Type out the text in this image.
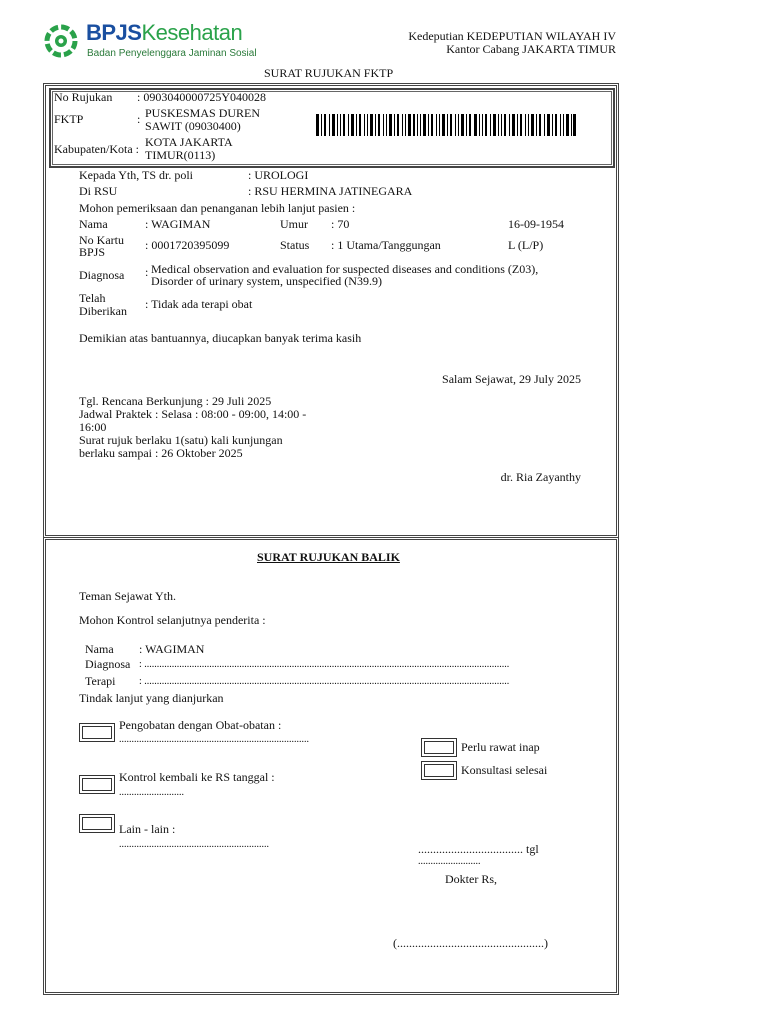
BPJSKesehatan
Badan Penyelenggara Jaminan Sosial
Kedeputian KEDEPUTIAN WILAYAH IV
Kantor Cabang JAKARTA TIMUR
SURAT RUJUKAN FKTP
No Rujukan : 0903040000725Y040028
FKTP	: PUSKESMAS DUREN
SAWIT (09030400)
Kabupaten/Kota : KOTA JAKARTA
TIMUR(0113)
Kepada Yth, TS dr. poli	: UROLOGI
Di RSU	: RSU HERMINA JATINEGARA
Mohon pemeriksaan dan penanganan lebih lanjut pasien :
Nama	: WAGIMAN	Umur : 70	16-09-1954
No Kartu
BPJS	: 0001720395099	Status : 1 Utama/Tanggungan	L (L/P)
Diagnosa : Medical observation and evaluation for suspected diseases and conditions (Z03),
Disorder of urinary system, unspecified (N39.9)
Telah
Diberikan : Tidak ada terapi obat
Demikian atas bantuannya, diucapkan banyak terima kasih
Salam Sejawat, 29 July 2025
Tgl. Rencana Berkunjung : 29 Juli 2025
Jadwal Praktek : Selasa : 08:00 - 09:00, 14:00 -
16:00
Surat rujuk berlaku 1(satu) kali kunjungan
berlaku sampai : 26 Oktober 2025
dr. Ria Zayanthy
SURAT RUJUKAN BALIK
Teman Sejawat Yth.
Mohon Kontrol selanjutnya penderita :
Nama : WAGIMAN
Diagnosa : ..................................................................................................................................................
Terapi : ..................................................................................................................................................
Tindak lanjut yang dianjurkan
Pengobatan dengan Obat-obatan :
............................................................................
Kontrol kembali ke RS tanggal :
..........................
Lain - lain :
............................................................
Perlu rawat inap
Konsultasi selesai
................................... tgl
.........................
Dokter Rs,
(.................................................)
